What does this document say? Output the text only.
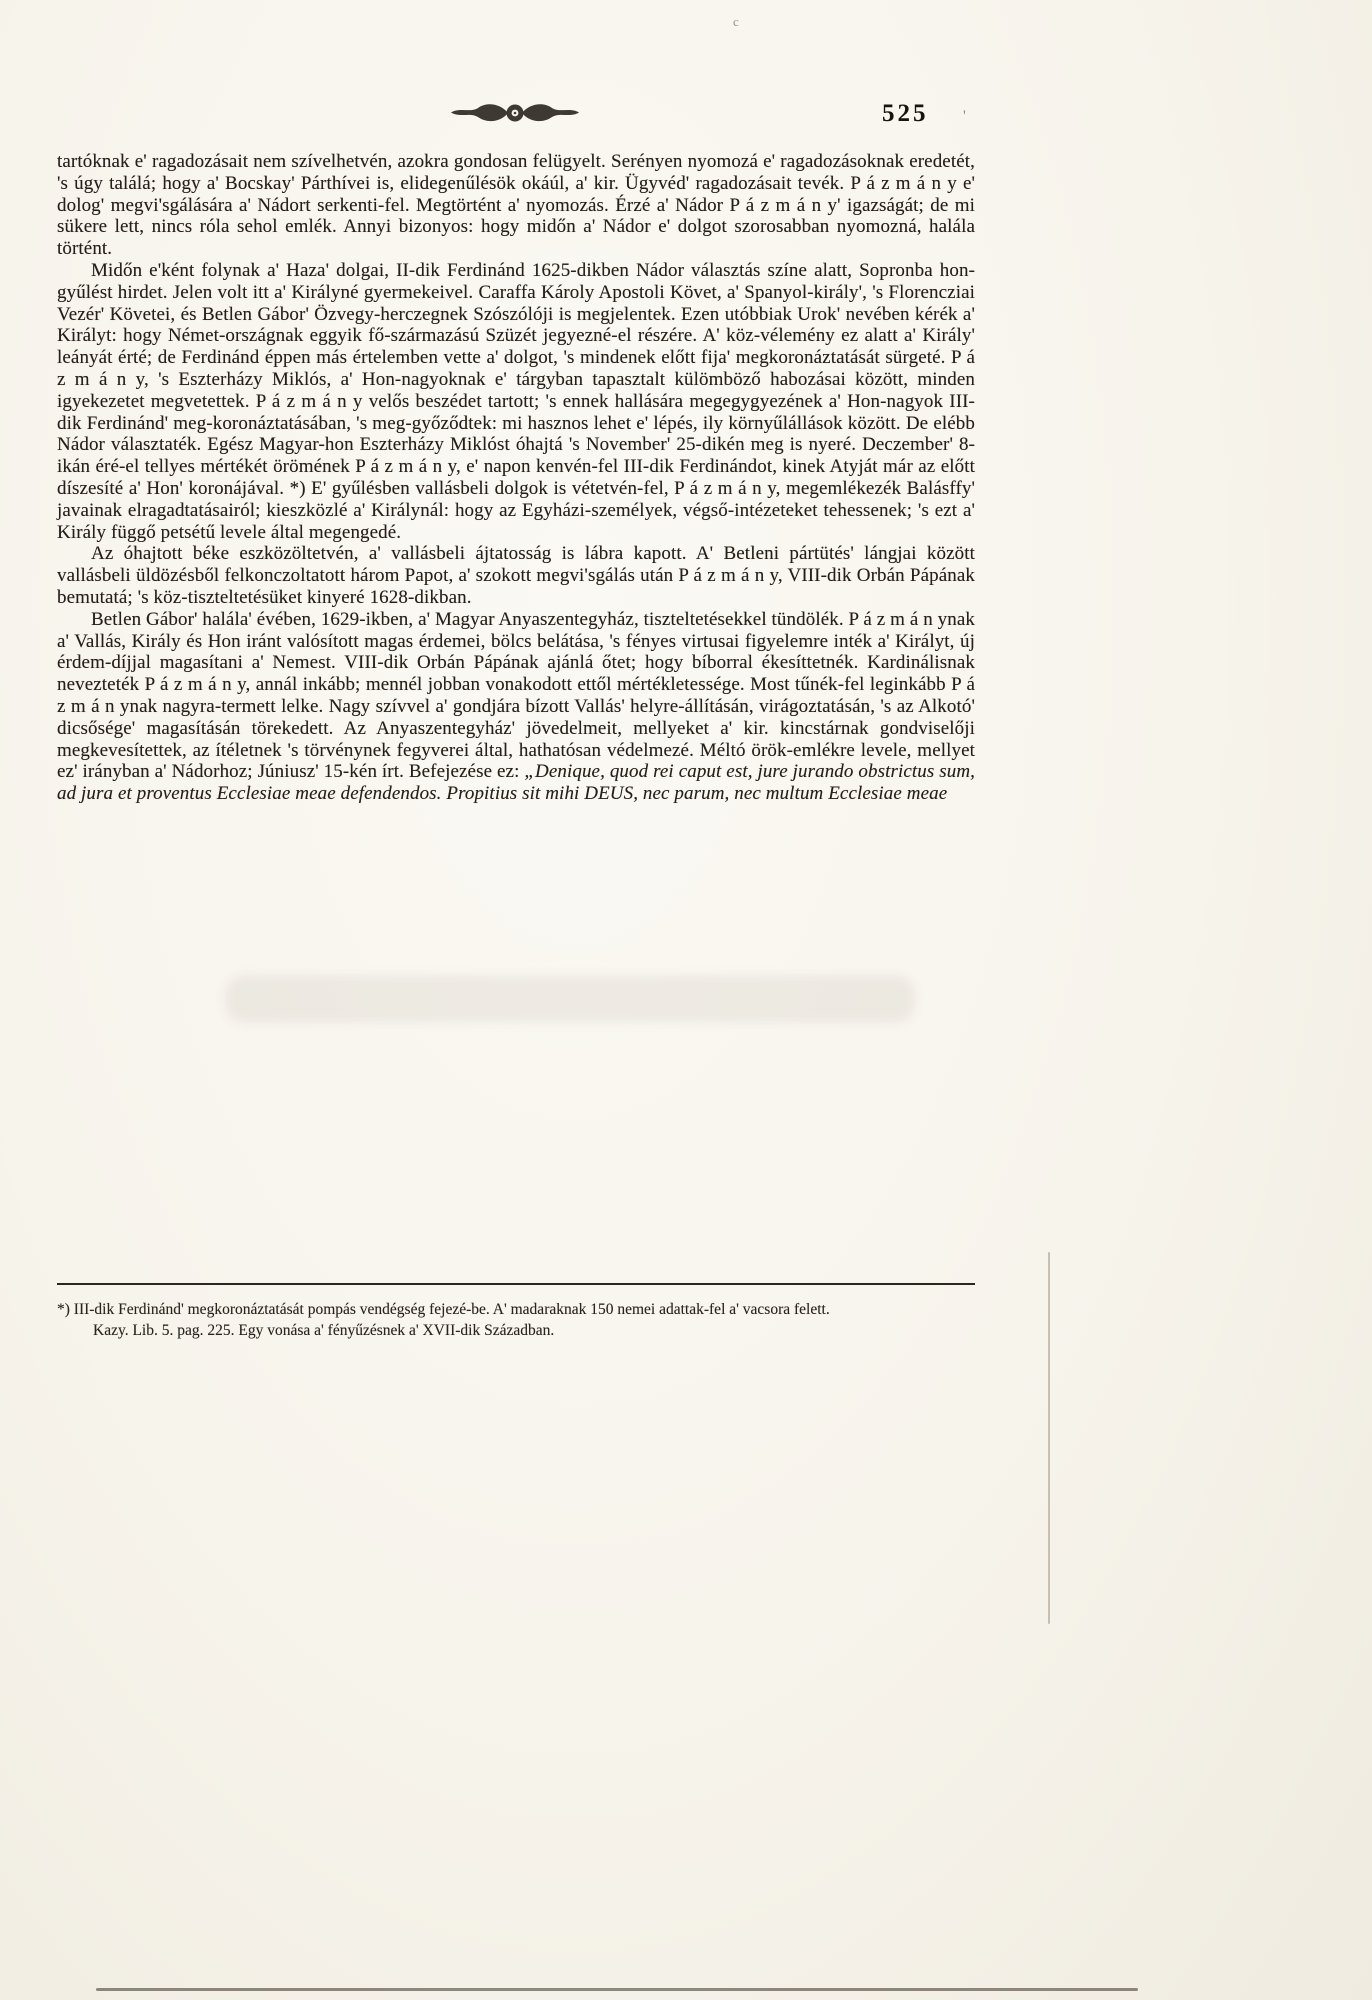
c
525 '

tartóknak e' ragadozásait nem szívelhetvén, azokra gondosan felügyelt. Serényen nyomozá e' ragadozásoknak eredetét, 's úgy találá; hogy a' Bocskay' Párthívei is, elidegenűlésök okáúl, a' kir. Ügyvéd' ragadozásait tevék. P á z m á n y e' dolog' megvi'sgálására a' Nádort serkenti-fel. Megtörtént a' nyomozás. Érzé a' Nádor P á z m á n y' igazságát; de mi sükere lett, nincs róla sehol emlék. Annyi bizonyos: hogy midőn a' Nádor e' dolgot szorosabban nyomozná, halála történt.

Midőn e'ként folynak a' Haza' dolgai, II-dik Ferdinánd 1625-dikben Nádor választás színe alatt, Sopronba hon-gyűlést hirdet. Jelen volt itt a' Királyné gyermekeivel. Caraffa Károly Apostoli Követ, a' Spanyol-király', 's Florencziai Vezér' Követei, és Betlen Gábor' Özvegy-herczegnek Szószólóji is megjelentek. Ezen utóbbiak Urok' nevében kérék a' Királyt: hogy Német-országnak eggyik fő-származású Szüzét jegyezné-el részére. A' köz-vélemény ez alatt a' Király' leányát érté; de Ferdinánd éppen más értelemben vette a' dolgot, 's mindenek előtt fija' megkoronáztatását sürgeté. P á z m á n y, 's Eszterházy Miklós, a' Hon-nagyoknak e' tárgyban tapasztalt külömböző habozásai között, minden igyekezetet megvetettek. P á z m á n y velős beszédet tartott; 's ennek hallására megegygyezének a' Hon-nagyok III-dik Ferdinánd' meg-koronáztatásában, 's meg-győződtek: mi hasznos lehet e' lépés, ily környűlállások között. De elébb Nádor választaték. Egész Magyar-hon Eszterházy Miklóst óhajtá 's November' 25-dikén meg is nyeré. Deczember' 8-ikán éré-el tellyes mértékét örömének P á z m á n y, e' napon kenvén-fel III-dik Ferdinándot, kinek Atyját már az előtt díszesíté a' Hon' koronájával. *) E' gyűlésben vallásbeli dolgok is vétetvén-fel, P á z m á n y, megemlékezék Balásffy' javainak elragadtatásairól; kieszközlé a' Királynál: hogy az Egyházi-személyek, végső-intézeteket tehessenek; 's ezt a' Király függő petsétű levele által megengedé.

Az óhajtott béke eszközöltetvén, a' vallásbeli ájtatosság is lábra kapott. A' Betleni pártütés' lángjai között vallásbeli üldözésből felkonczoltatott három Papot, a' szokott megvi'sgálás után P á z m á n y, VIII-dik Orbán Pápának bemutatá; 's köz-tiszteltetésüket kinyeré 1628-dikban.

Betlen Gábor' halála' évében, 1629-ikben, a' Magyar Anyaszentegyház, tiszteltetésekkel tündölék. P á z m á n ynak a' Vallás, Király és Hon iránt valósított magas érdemei, bölcs belátása, 's fényes virtusai figyelemre inték a' Királyt, új érdem-díjjal magasítani a' Nemest. VIII-dik Orbán Pápának ajánlá őtet; hogy bíborral ékesíttetnék. Kardinálisnak nevezteték P á z m á n y, annál inkább; mennél jobban vonakodott ettől mértékletessége. Most tűnék-fel leginkább P á z m á n ynak nagyra-termett lelke. Nagy szívvel a' gondjára bízott Vallás' helyre-állításán, virágoztatásán, 's az Alkotó' dicsősége' magasításán törekedett. Az Anyaszentegyház' jövedelmeit, mellyeket a' kir. kincstárnak gondviselőji megkevesítettek, az ítéletnek 's törvénynek fegyverei által, hathatósan védelmezé. Méltó örök-emlékre levele, mellyet ez' irányban a' Nádorhoz; Júniusz' 15-kén írt. Befejezése ez: „Denique, quod rei caput est, jure jurando obstrictus sum, ad jura et proventus Ecclesiae meae defendendos. Propitius sit mihi DEUS, nec parum, nec multum Ecclesiae meae

*) III-dik Ferdinánd' megkoronáztatását pompás vendégség fejezé-be. A' madaraknak 150 nemei adattak-fel a' vacsora felett.

Kazy. Lib. 5. pag. 225. Egy vonása a' fényűzésnek a' XVII-dik Században.
